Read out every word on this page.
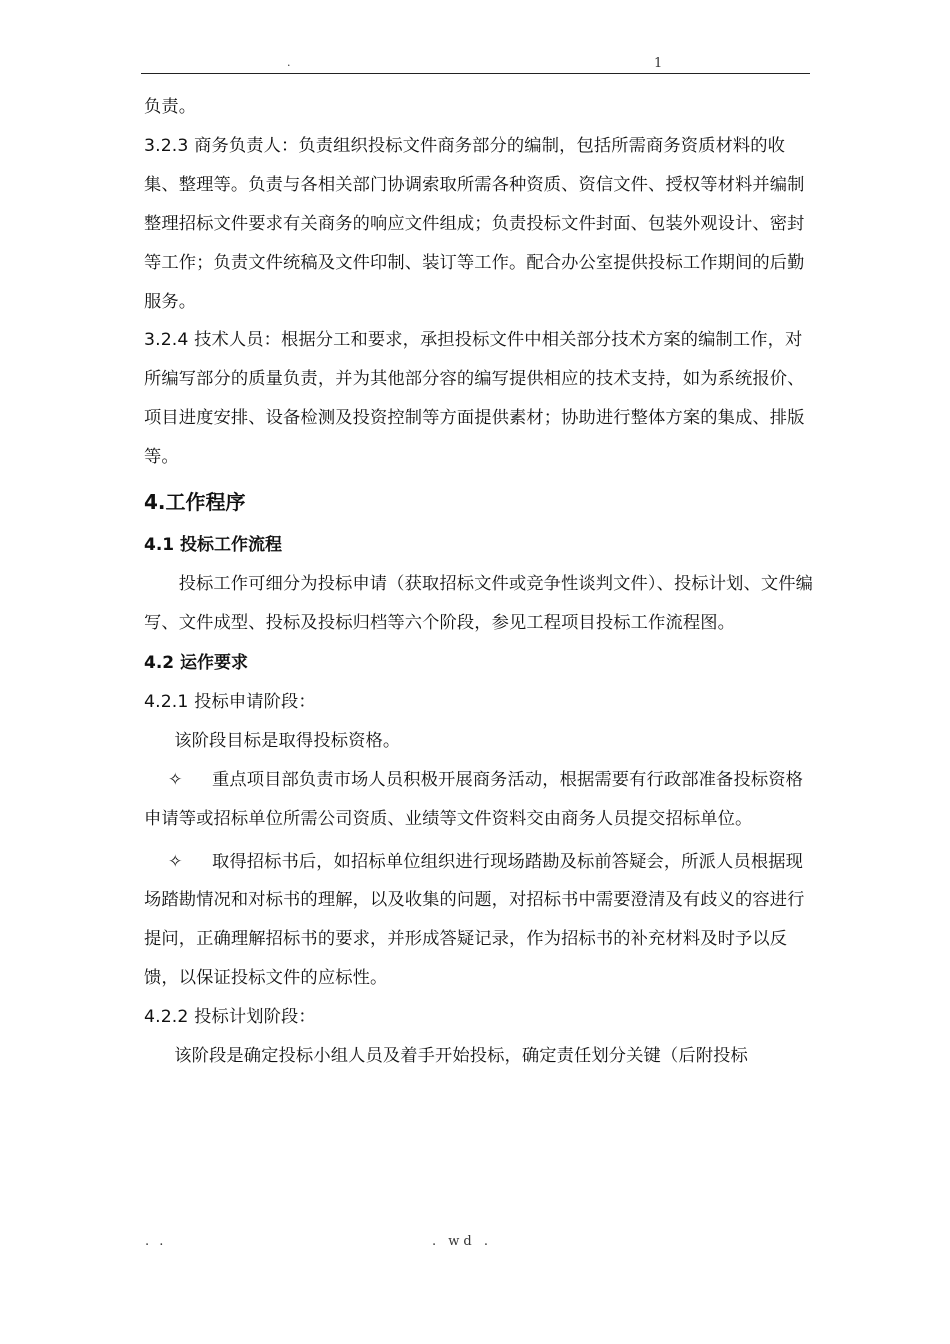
.	1

负责。

3.2.3 商务负责人：负责组织投标文件商务部分的编制，包括所需商务资质材料的收集、整理等。负责与各相关部门协调索取所需各种资质、资信文件、授权等材料并编制整理招标文件要求有关商务的响应文件组成；负责投标文件封面、包装外观设计、密封等工作；负责文件统稿及文件印制、装订等工作。配合办公室提供投标工作期间的后勤服务。

3.2.4 技术人员：根据分工和要求，承担投标文件中相关部分技术方案的编制工作，对所编写部分的质量负责，并为其他部分容的编写提供相应的技术支持，如为系统报价、项目进度安排、设备检测及投资控制等方面提供素材；协助进行整体方案的集成、排版等。

4.工作程序

4.1 投标工作流程

投标工作可细分为投标申请（获取招标文件或竞争性谈判文件）、投标计划、文件编写、文件成型、投标及投标归档等六个阶段，参见工程项目投标工作流程图。

4.2 运作要求

4.2.1 投标申请阶段：

该阶段目标是取得投标资格。

✧ 重点项目部负责市场人员积极开展商务活动，根据需要有行政部准备投标资格申请等或招标单位所需公司资质、业绩等文件资料交由商务人员提交招标单位。

✧ 取得招标书后，如招标单位组织进行现场踏勘及标前答疑会，所派人员根据现场踏勘情况和对标书的理解，以及收集的问题，对招标书中需要澄清及有歧义的容进行提问，正确理解招标书的要求，并形成答疑记录，作为招标书的补充材料及时予以反馈，以保证投标文件的应标性。

4.2.2 投标计划阶段：

该阶段是确定投标小组人员及着手开始投标，确定责任划分关键（后附投标

. .	. wd .
